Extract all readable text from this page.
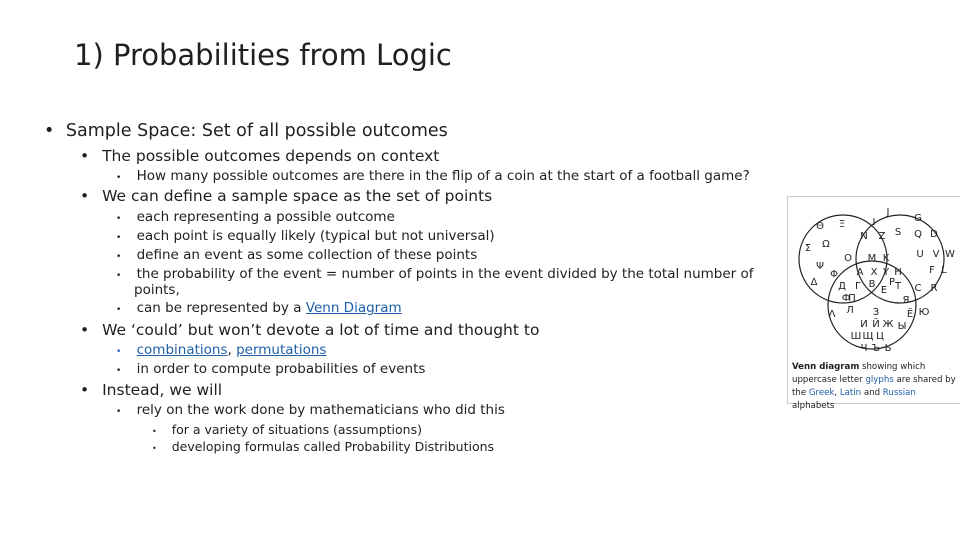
1) Probabilities from Logic
• Sample Space: Set of all possible outcomes
• The possible outcomes depends on context
• How many possible outcomes are there in the flip of a coin at the start of a football game?
• We can define a sample space as the set of points
• each representing a possible outcome
• each point is equally likely (typical but not universal)
• define an event as some collection of these points
• the probability of the event = number of points in the event divided by the total number of
points,
• can be represented by a Venn Diagram
• We ‘could’ but won’t devote a lot of time and thought to
• combinations, permutations
• in order to compute probabilities of events
• Instead, we will
• rely on the work done by mathematicians who did this
• for a variety of situations (assumptions)
• developing formulas called Probability Distributions
Θ Ξ
Σ Ω
Ψ
Δ
Φ
Λ
Π
J
G
S Q D
U V W
F L
R
I
Z
N
З	Ё Ю
Я
И Й Ж
Ш Щ Ц
Ы
Ч Ъ Ь
M K
A X Y H
O
T
B
E
P
C
Г
Л
Ф
Д
Venn diagram showing which uppercase letter glyphs are shared by the Greek, Latin and Russian alphabets
